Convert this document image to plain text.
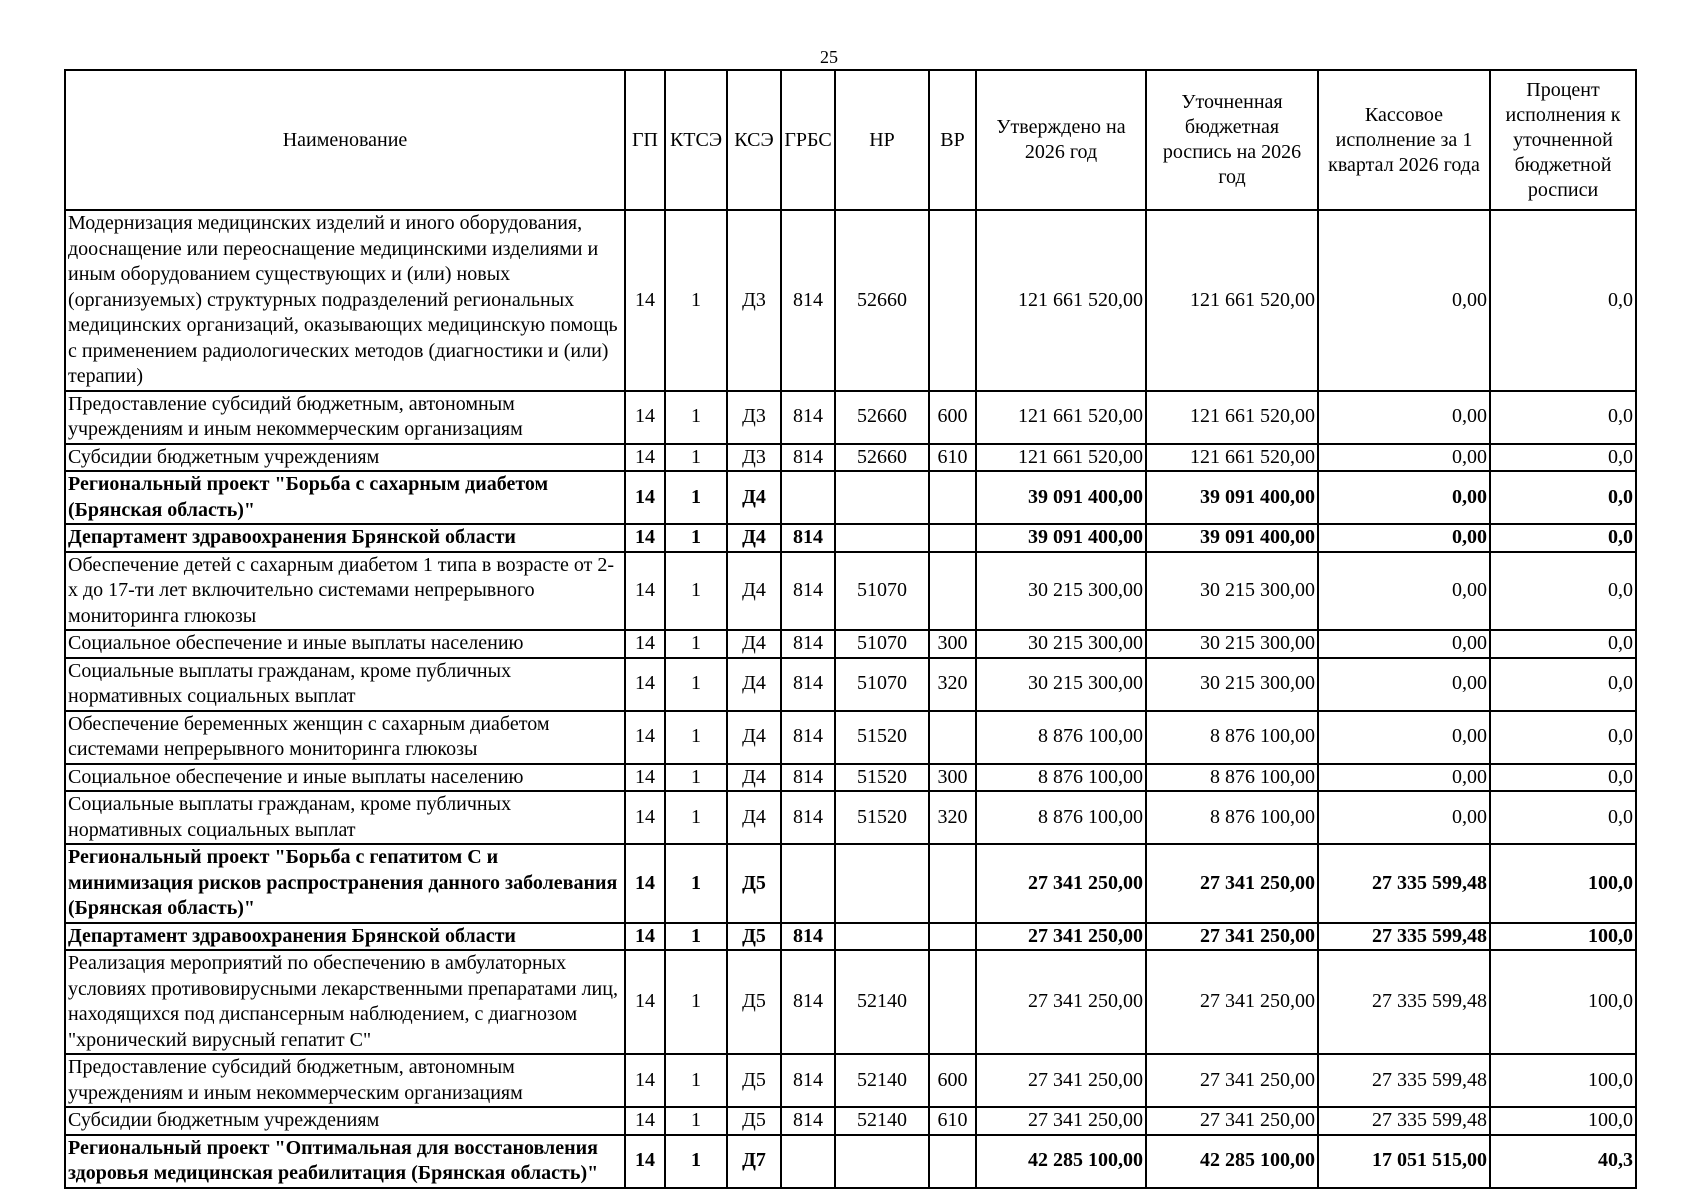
25
Наименование	ГП	КТСЭ	КСЭ	ГРБС	НР	ВР	Утверждено на 2026 год	Уточненная бюджетная роспись на 2026 год	Кассовое исполнение за 1 квартал 2026 года	Процент исполнения к уточненной бюджетной росписи
Модернизация медицинских изделий и иного оборудования, дооснащение или переоснащение медицинскими изделиями и иным оборудованием существующих и (или) новых (организуемых) структурных подразделений региональных медицинских организаций, оказывающих медицинскую помощь с применением радиологических методов (диагностики и (или) терапии)	14	1	Д3	814	52660		121 661 520,00	121 661 520,00	0,00	0,0
Предоставление субсидий бюджетным, автономным учреждениям и иным некоммерческим организациям	14	1	Д3	814	52660	600	121 661 520,00	121 661 520,00	0,00	0,0
Субсидии бюджетным учреждениям	14	1	Д3	814	52660	610	121 661 520,00	121 661 520,00	0,00	0,0
Региональный проект "Борьба с сахарным диабетом (Брянская область)"	14	1	Д4				39 091 400,00	39 091 400,00	0,00	0,0
Департамент здравоохранения Брянской области	14	1	Д4	814			39 091 400,00	39 091 400,00	0,00	0,0
Обеспечение детей с сахарным диабетом 1 типа в возрасте от 2-х до 17-ти лет включительно системами непрерывного мониторинга глюкозы	14	1	Д4	814	51070		30 215 300,00	30 215 300,00	0,00	0,0
Социальное обеспечение и иные выплаты населению	14	1	Д4	814	51070	300	30 215 300,00	30 215 300,00	0,00	0,0
Социальные выплаты гражданам, кроме публичных нормативных социальных выплат	14	1	Д4	814	51070	320	30 215 300,00	30 215 300,00	0,00	0,0
Обеспечение беременных женщин с сахарным диабетом системами непрерывного мониторинга глюкозы	14	1	Д4	814	51520		8 876 100,00	8 876 100,00	0,00	0,0
Социальное обеспечение и иные выплаты населению	14	1	Д4	814	51520	300	8 876 100,00	8 876 100,00	0,00	0,0
Социальные выплаты гражданам, кроме публичных нормативных социальных выплат	14	1	Д4	814	51520	320	8 876 100,00	8 876 100,00	0,00	0,0
Региональный проект "Борьба с гепатитом С и минимизация рисков распространения данного заболевания (Брянская область)"	14	1	Д5				27 341 250,00	27 341 250,00	27 335 599,48	100,0
Департамент здравоохранения Брянской области	14	1	Д5	814			27 341 250,00	27 341 250,00	27 335 599,48	100,0
Реализация мероприятий по обеспечению в амбулаторных условиях противовирусными лекарственными препаратами лиц, находящихся под диспансерным наблюдением, с диагнозом "хронический вирусный гепатит С"	14	1	Д5	814	52140		27 341 250,00	27 341 250,00	27 335 599,48	100,0
Предоставление субсидий бюджетным, автономным учреждениям и иным некоммерческим организациям	14	1	Д5	814	52140	600	27 341 250,00	27 341 250,00	27 335 599,48	100,0
Субсидии бюджетным учреждениям	14	1	Д5	814	52140	610	27 341 250,00	27 341 250,00	27 335 599,48	100,0
Региональный проект "Оптимальная для восстановления здоровья медицинская реабилитация (Брянская область)"	14	1	Д7				42 285 100,00	42 285 100,00	17 051 515,00	40,3
